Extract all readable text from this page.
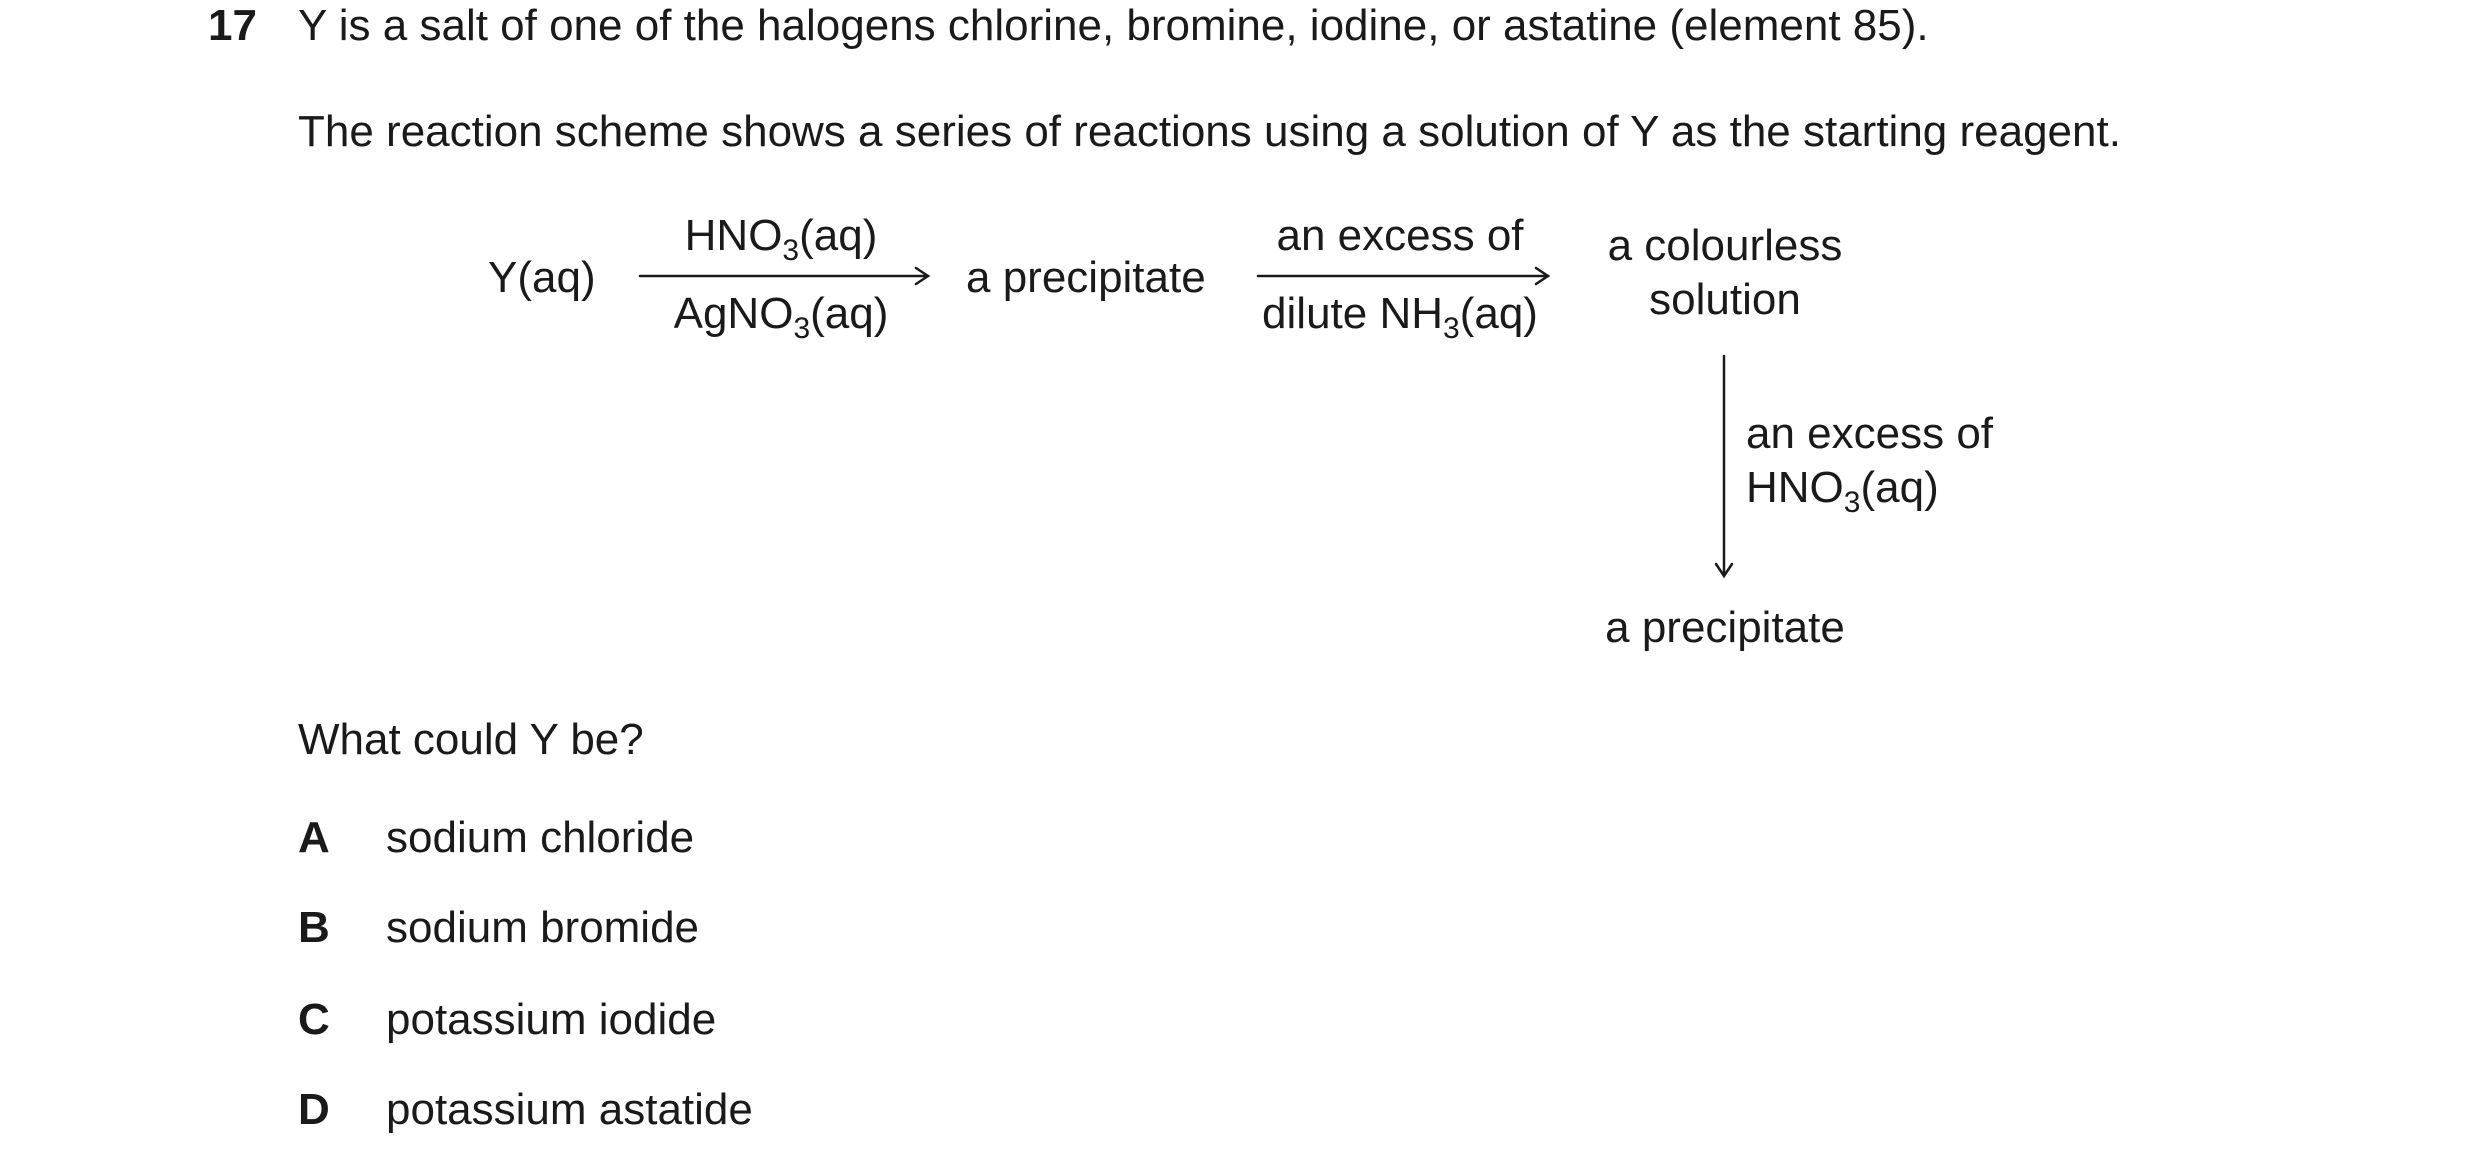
17 Y is a salt of one of the halogens chlorine, bromine, iodine, or astatine (element 85).
The reaction scheme shows a series of reactions using a solution of Y as the starting reagent.
Y(aq)
$HNO_3(aq)$
AgNO$_3$(aq)
a precipitate
an excess of
dilute $NH_3(aq)$
a colourless
solution
an excess of
$HNO_3(aq)$
a precipitate
What could Y be?
A sodium chloride
B sodium bromide
C potassium iodide
D potassium astatide
